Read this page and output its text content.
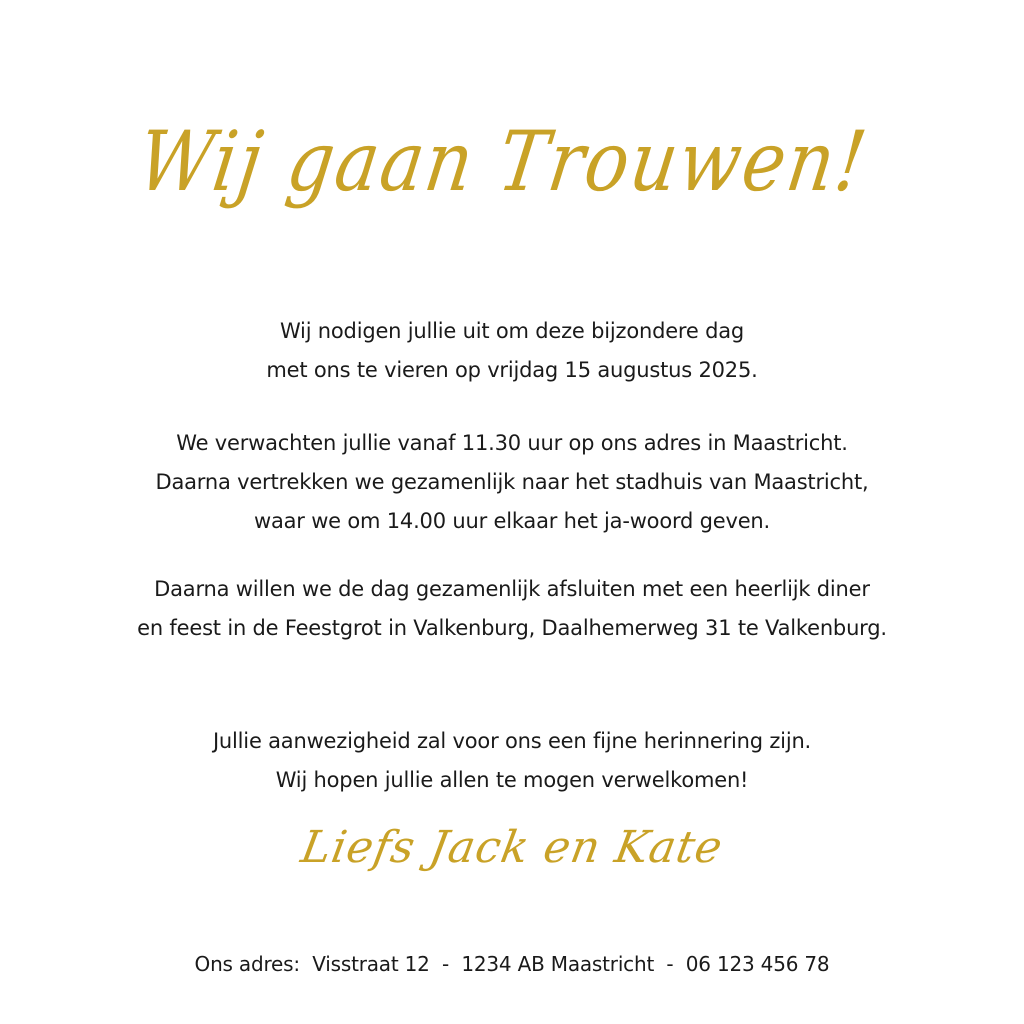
Wij gaan Trouwen!
Wij nodigen jullie uit om deze bijzondere dag
met ons te vieren op vrijdag 15 augustus 2025.
We verwachten jullie vanaf 11.30 uur op ons adres in Maastricht.
Daarna vertrekken we gezamenlijk naar het stadhuis van Maastricht,
waar we om 14.00 uur elkaar het ja-woord geven.
Daarna willen we de dag gezamenlijk afsluiten met een heerlijk diner
en feest in de Feestgrot in Valkenburg, Daalhemerweg 31 te Valkenburg.
Jullie aanwezigheid zal voor ons een fijne herinnering zijn.
Wij hopen jullie allen te mogen verwelkomen!
Liefs Jack en Kate
Ons adres:  Visstraat 12  -  1234 AB Maastricht  -  06 123 456 78
